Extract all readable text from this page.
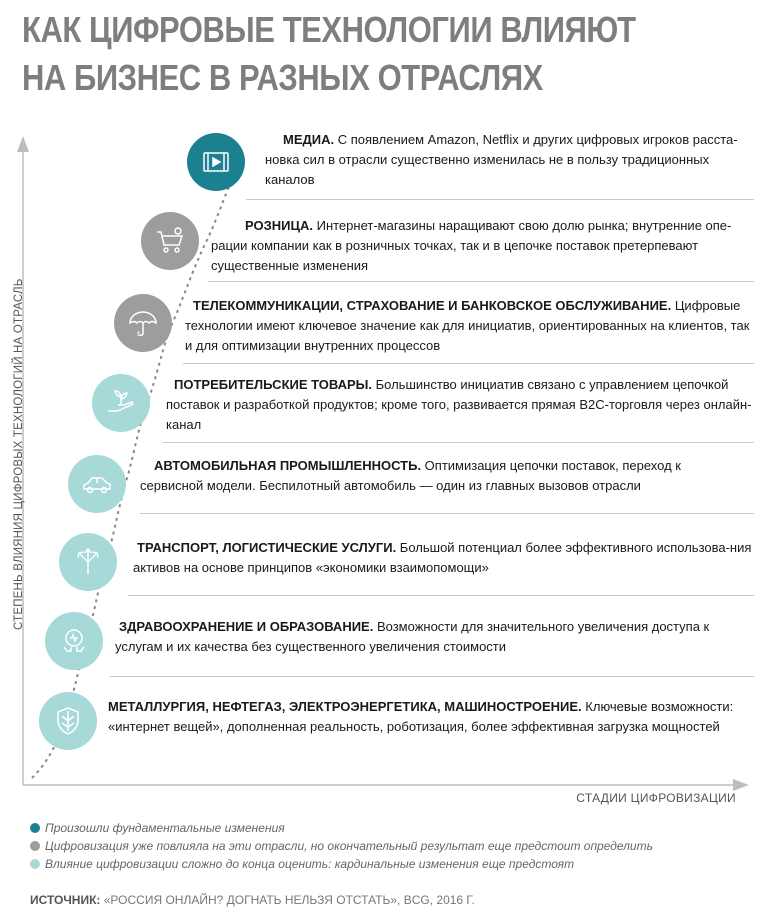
КАК ЦИФРОВЫЕ ТЕХНОЛОГИИ ВЛИЯЮТ НА БИЗНЕС В РАЗНЫХ ОТРАСЛЯХ
СТЕПЕНЬ ВЛИЯНИЯ ЦИФРОВЫХ ТЕХНОЛОГИЙ НА ОТРАСЛЬ
СТАДИИ ЦИФРОВИЗАЦИИ
МЕДИА. С появлением Amazon, Netflix и других цифровых игроков расста-новка сил в отрасли существенно изменилась не в пользу традиционных каналов
РОЗНИЦА. Интернет-магазины наращивают свою долю рынка; внутренние опе-рации компании как в розничных точках, так и в цепочке поставок претерпевают существенные изменения
$
ТЕЛЕКОММУНИКАЦИИ, СТРАХОВАНИЕ И БАНКОВСКОЕ ОБСЛУЖИВАНИЕ. Цифровые технологии имеют ключевое значение как для инициатив, ориентированных на клиентов, так и для оптимизации внутренних процессов
ПОТРЕБИТЕЛЬСКИЕ ТОВАРЫ. Большинство инициатив связано с управлением цепочкой поставок и разработкой продуктов; кроме того, развивается прямая B2C-торговля через онлайн-канал
АВТОМОБИЛЬНАЯ ПРОМЫШЛЕННОСТЬ. Оптимизация цепочки поставок, переход к сервисной модели. Беспилотный автомобиль — один из главных вызовов отрасли
ТРАНСПОРТ, ЛОГИСТИЧЕСКИЕ УСЛУГИ. Большой потенциал более эффективного использова-ния активов на основе принципов «экономики взаимопомощи»
ЗДРАВООХРАНЕНИЕ И ОБРАЗОВАНИЕ. Возможности для значительного увеличения доступа к услугам и их качества без существенного увеличения стоимости
МЕТАЛЛУРГИЯ, НЕФТЕГАЗ, ЭЛЕКТРОЭНЕРГЕТИКА, МАШИНОСТРОЕНИЕ. Ключевые возможности: «интернет вещей», дополненная реальность, роботизация, более эффективная загрузка мощностей
Произошли фундаментальные изменения
Цифровизация уже повлияла на эти отрасли, но окончательный результат еще предстоит определить
Влияние цифровизации сложно до конца оценить: кардинальные изменения еще предстоят
ИСТОЧНИК: «РОССИЯ ОНЛАЙН? ДОГНАТЬ НЕЛЬЗЯ ОТСТАТЬ», BCG, 2016 Г.
